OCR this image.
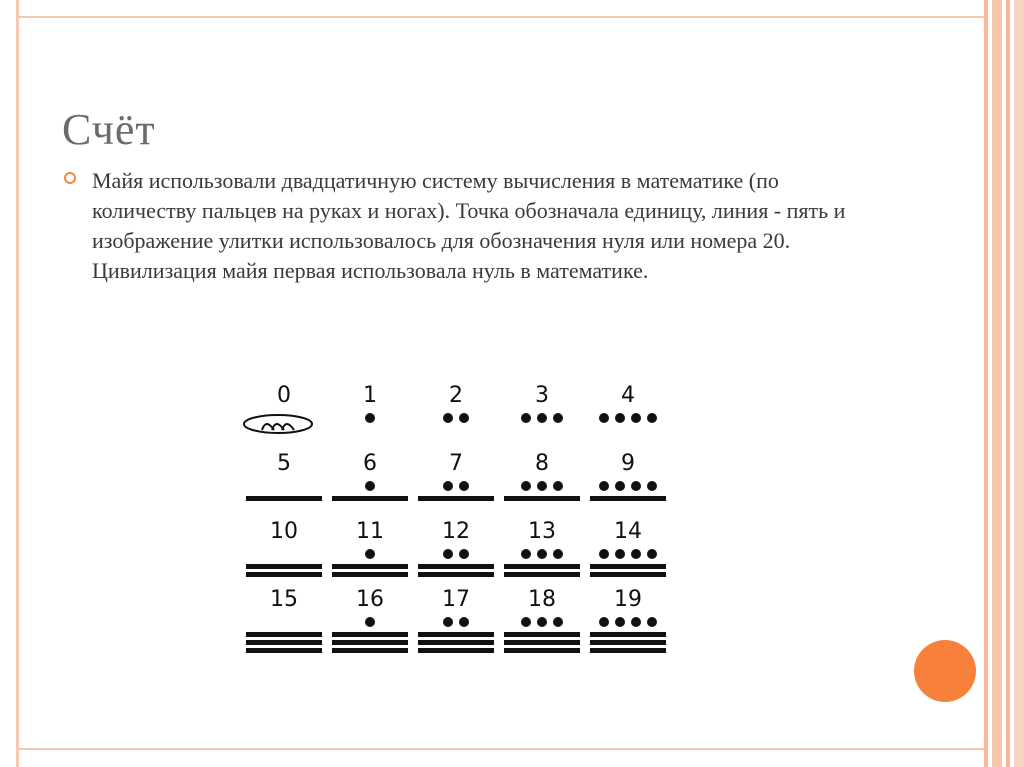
Счёт
Майя использовали двадцатичную систему вычисления в математике (по количеству пальцев на руках и ногах). Точка обозначала единицу, линия - пять и изображение улитки использовалось для обозначения нуля или номера 20. Цивилизация майя первая использовала нуль в математике.
0	1	2	3	4
5	6	7	8	9
10	11	12	13	14
15	16	17	18	19
